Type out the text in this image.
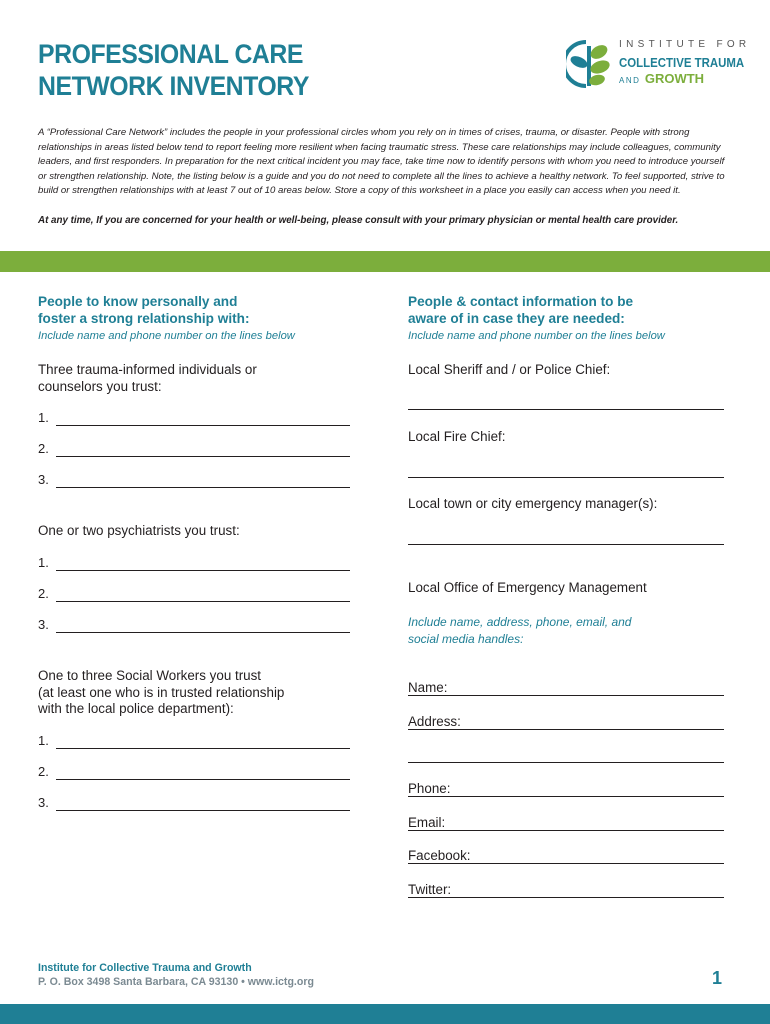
PROFESSIONAL CARE
NETWORK INVENTORY
INSTITUTE FOR
COLLECTIVE TRAUMA
AND GROWTH

A “Professional Care Network” includes the people in your professional circles whom you rely on in times of crises, trauma, or disaster. People with strong relationships in areas listed below tend to report feeling more resilient when facing traumatic stress. These care relationships may include colleagues, community leaders, and first responders. In preparation for the next critical incident you may face, take time now to identify persons with whom you need to introduce yourself or strengthen relationship. Note, the listing below is a guide and you do not need to complete all the lines to achieve a healthy network. To feel supported, strive to build or strengthen relationships with at least 7 out of 10 areas below. Store a copy of this worksheet in a place you easily can access when you need it.

At any time, If you are concerned for your health or well-being, please consult with your primary physician or mental health care provider.

People to know personally and
foster a strong relationship with:

Include name and phone number on the lines below

Three trauma-informed individuals or
counselors you trust:

1.
2.
3.

One or two psychiatrists you trust:

1.
2.
3.

One to three Social Workers you trust
(at least one who is in trusted relationship
with the local police department):

1.
2.
3.

People & contact information to be
aware of in case they are needed:

Include name and phone number on the lines below

Local Sheriff and / or Police Chief:

Local Fire Chief:

Local town or city emergency manager(s):

Local Office of Emergency Management

Include name, address, phone, email, and
social media handles:

Name:
Address:
Phone:
Email:
Facebook:
Twitter:

Institute for Collective Trauma and Growth

P. O. Box 3498 Santa Barbara, CA 93130 • www.ictg.org	1
